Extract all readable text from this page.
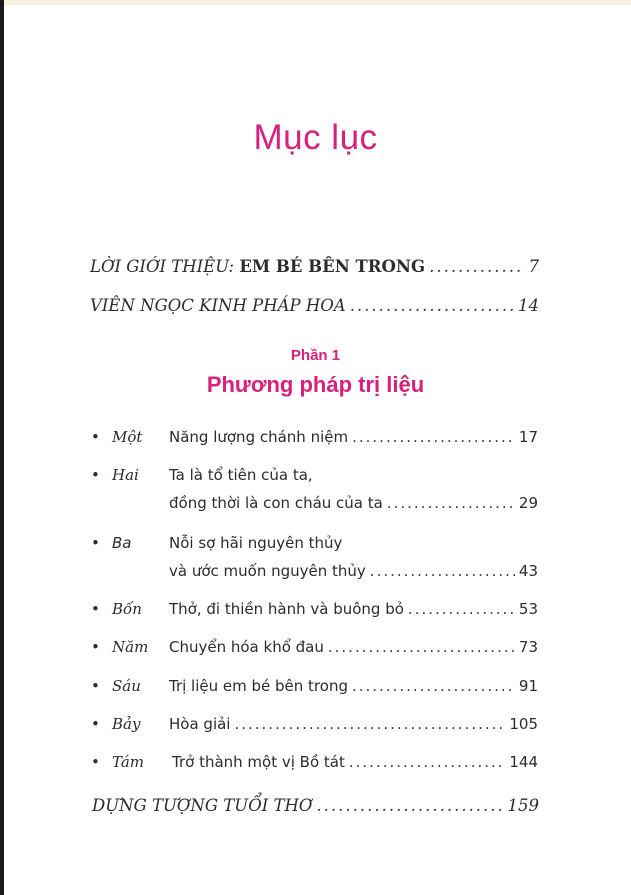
Mục lục
LỜI GIỚI THIỆU:
EM BÉ BÊN TRONG .....	7
VIÊN NGỌC KINH PHÁP HOA .....	14
Phần 1
Phương pháp trị liệu
• Một Năng lượng chánh niệm .....	17
• Hai Ta là tổ tiên của ta,
đồng thời là con cháu của ta .....	29
• Ba	Nỗi sợ hãi nguyên thủy
và ước muốn nguyên thủy .....	43
• Bốn Thở, đi thiền hành và buông bỏ .....	53
• Năm Chuyển hóa khổ đau .....	73
• Sáu Trị liệu em bé bên trong .....	91
• Bảy Hòa giải .....	105
• Tám Trở thành một vị Bồ tát .....	144
DỰNG TƯỢNG TUỔI THƠ .....	159
